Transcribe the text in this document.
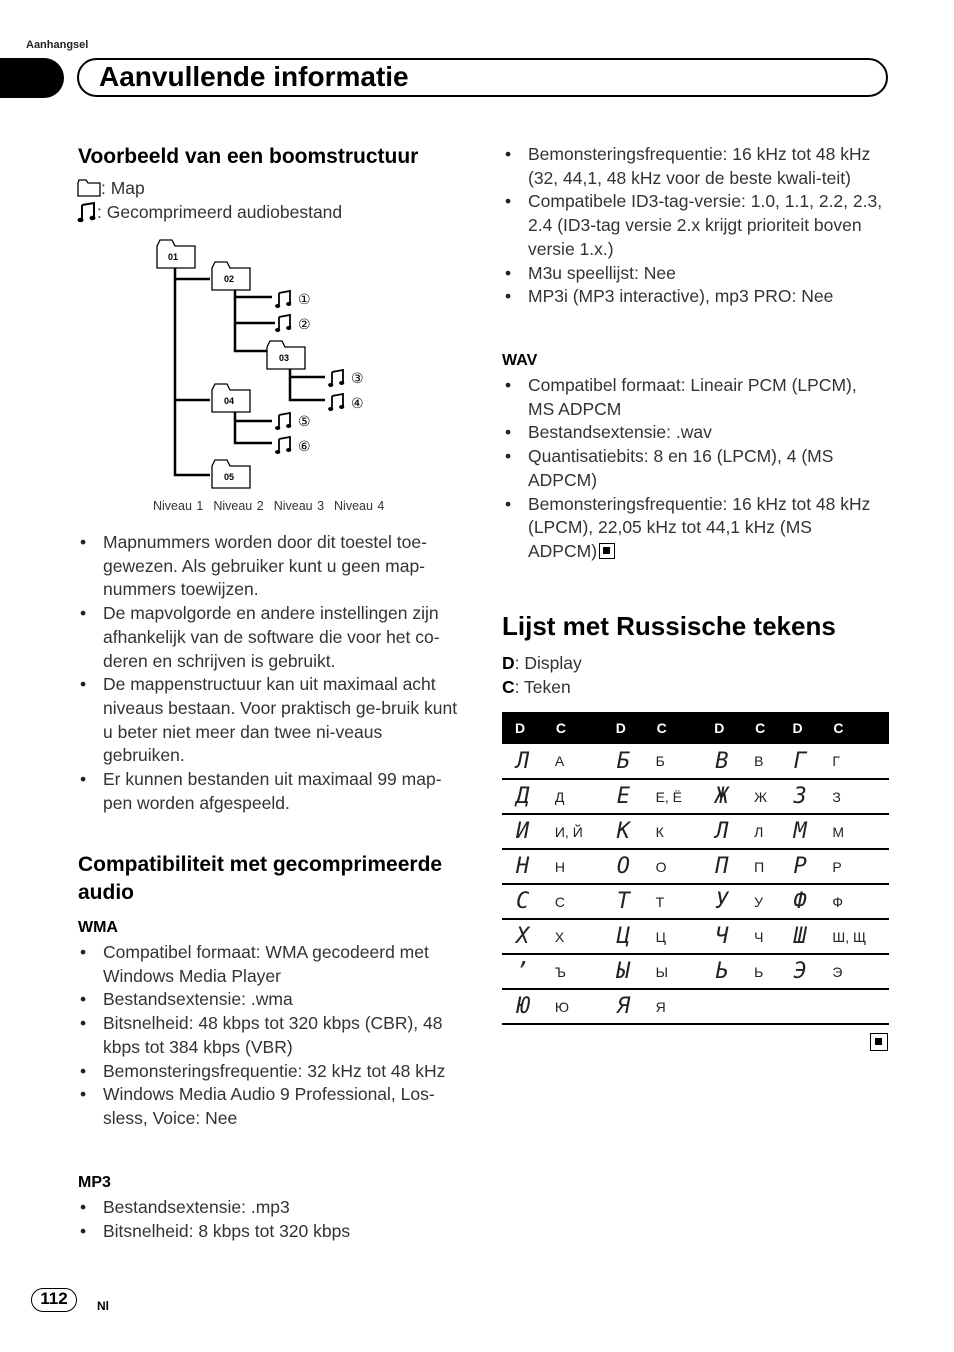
Aanhangsel
Aanvullende informatie
Voorbeeld van een boomstructuur
: Map
: Gecomprimeerd audiobestand
01
02
03
04
05
①
②
③
④
⑤
⑥
Niveau 1 Niveau 2 Niveau 3 Niveau 4
• Mapnummers worden door dit toestel toe-gewezen. Als gebruiker kunt u geen map-nummers toewijzen.
• De mapvolgorde en andere instellingen zijn afhankelijk van de software die voor het co-deren en schrijven is gebruikt.
• De mappenstructuur kan uit maximaal acht niveaus bestaan. Voor praktisch ge-bruik kunt u beter niet meer dan twee ni-veaus gebruiken.
• Er kunnen bestanden uit maximaal 99 map-pen worden afgespeeld.
Compatibiliteit met gecomprimeerde audio
WMA
• Compatibel formaat: WMA gecodeerd met Windows Media Player
• Bestandsextensie: .wma
• Bitsnelheid: 48 kbps tot 320 kbps (CBR), 48 kbps tot 384 kbps (VBR)
• Bemonsteringsfrequentie: 32 kHz tot 48 kHz
• Windows Media Audio 9 Professional, Los-sless, Voice: Nee
MP3
• Bestandsextensie: .mp3
• Bitsnelheid: 8 kbps tot 320 kbps
• Bemonsteringsfrequentie: 16 kHz tot 48 kHz (32, 44,1, 48 kHz voor de beste kwali-teit)
• Compatibele ID3-tag-versie: 1.0, 1.1, 2.2, 2.3, 2.4 (ID3-tag versie 2.x krijgt prioriteit boven versie 1.x.)
• M3u speellijst: Nee
• MP3i (MP3 interactive), mp3 PRO: Nee
WAV
• Compatibel formaat: Lineair PCM (LPCM), MS ADPCM
• Bestandsextensie: .wav
• Quantisatiebits: 8 en 16 (LPCM), 4 (MS ADPCM)
• Bemonsteringsfrequentie: 16 kHz tot 48 kHz (LPCM), 22,05 kHz tot 44,1 kHz (MS ADPCM)
Lijst met Russische tekens
D: Display
C: Teken
D	C	D	C	D	C	D	C
Л	А	Б	Б	В	В	Г	Г
Д	Д	Е	Е, Ё	Ж	Ж	З	З
И	И, Й	К	К	Л	Л	М	М
Н	Н	О	О	П	П	Р	Р
С	С	Т	Т	У	У	Ф	Ф
Х	Х	Ц	Ц	Ч	Ч	Ш	Ш, Щ
ʼ	Ъ	Ы	Ы	Ь	Ь	Э	Э
Ю	Ю	Я	Я				
112	Nl
